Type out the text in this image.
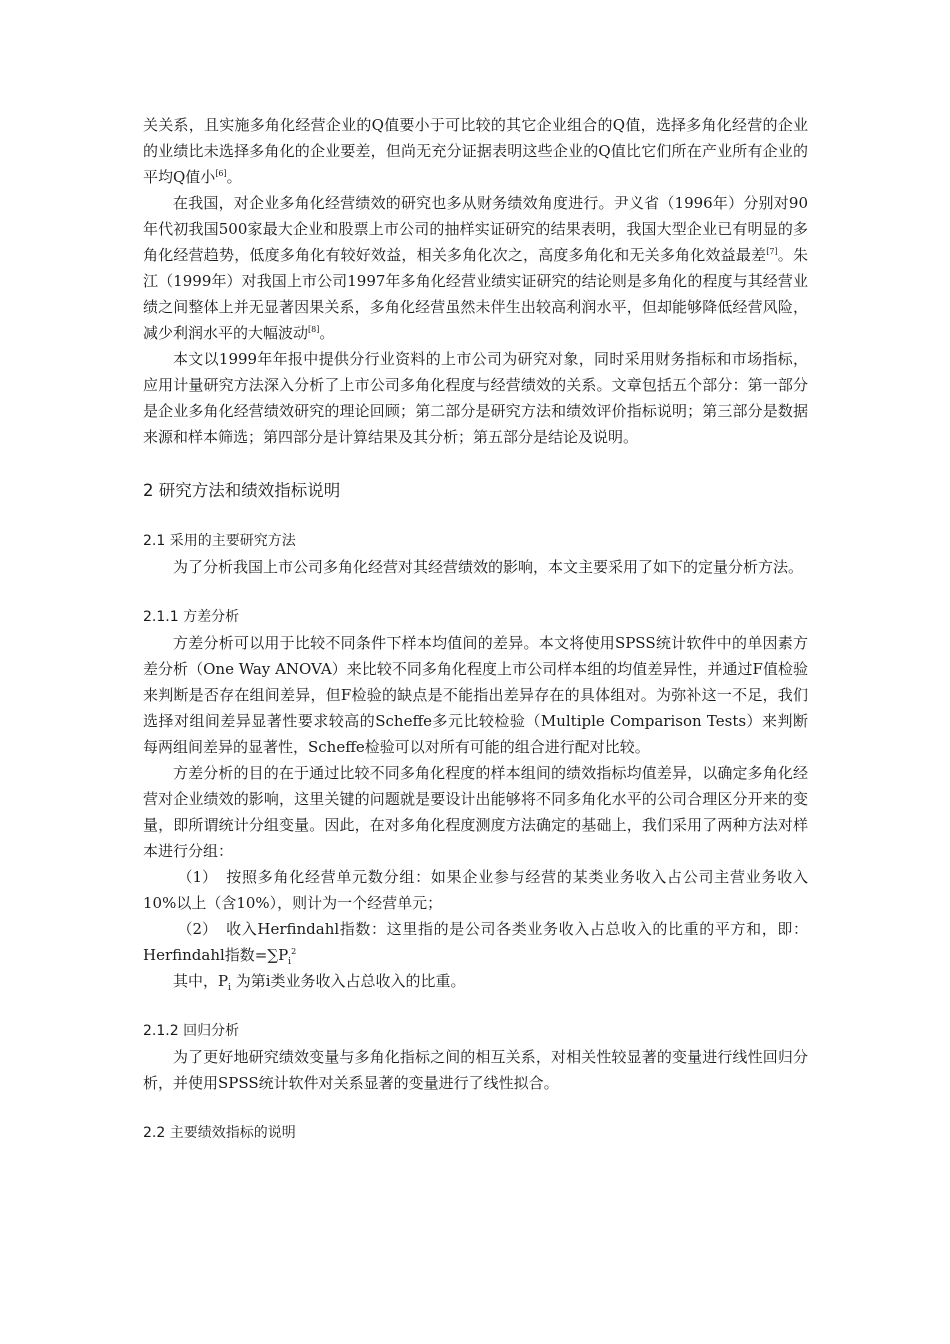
关关系，且实施多角化经营企业的Q值要小于可比较的其它企业组合的Q值，选择多角化经营的企业的业绩比未选择多角化的企业要差，但尚无充分证据表明这些企业的Q值比它们所在产业所有企业的平均Q值小[6]。

在我国，对企业多角化经营绩效的研究也多从财务绩效角度进行。尹义省（1996年）分别对90年代初我国500家最大企业和股票上市公司的抽样实证研究的结果表明，我国大型企业已有明显的多角化经营趋势，低度多角化有较好效益，相关多角化次之，高度多角化和无关多角化效益最差[7]。朱江（1999年）对我国上市公司1997年多角化经营业绩实证研究的结论则是多角化的程度与其经营业绩之间整体上并无显著因果关系，多角化经营虽然未伴生出较高利润水平，但却能够降低经营风险，减少利润水平的大幅波动[8]。

本文以1999年年报中提供分行业资料的上市公司为研究对象，同时采用财务指标和市场指标，应用计量研究方法深入分析了上市公司多角化程度与经营绩效的关系。文章包括五个部分：第一部分是企业多角化经营绩效研究的理论回顾；第二部分是研究方法和绩效评价指标说明；第三部分是数据来源和样本筛选；第四部分是计算结果及其分析；第五部分是结论及说明。

2 研究方法和绩效指标说明
2.1 采用的主要研究方法

为了分析我国上市公司多角化经营对其经营绩效的影响，本文主要采用了如下的定量分析方法。

2.1.1 方差分析

方差分析可以用于比较不同条件下样本均值间的差异。本文将使用SPSS统计软件中的单因素方差分析（One Way ANOVA）来比较不同多角化程度上市公司样本组的均值差异性，并通过F值检验来判断是否存在组间差异，但F检验的缺点是不能指出差异存在的具体组对。为弥补这一不足，我们选择对组间差异显著性要求较高的Scheffe多元比较检验（Multiple Comparison Tests）来判断每两组间差异的显著性，Scheffe检验可以对所有可能的组合进行配对比较。

方差分析的目的在于通过比较不同多角化程度的样本组间的绩效指标均值差异，以确定多角化经营对企业绩效的影响，这里关键的问题就是要设计出能够将不同多角化水平的公司合理区分开来的变量，即所谓统计分组变量。因此，在对多角化程度测度方法确定的基础上，我们采用了两种方法对样本进行分组：

（1） 按照多角化经营单元数分组：如果企业参与经营的某类业务收入占公司主营业务收入10%以上（含10%），则计为一个经营单元；

（2） 收入Herfindahl指数：这里指的是公司各类业务收入占总收入的比重的平方和，即：Herfindahl指数$=\sum P_i^2$

其中，$P_i$ 为第i类业务收入占总收入的比重。

2.1.2 回归分析

为了更好地研究绩效变量与多角化指标之间的相互关系，对相关性较显著的变量进行线性回归分析，并使用SPSS统计软件对关系显著的变量进行了线性拟合。

2.2 主要绩效指标的说明
